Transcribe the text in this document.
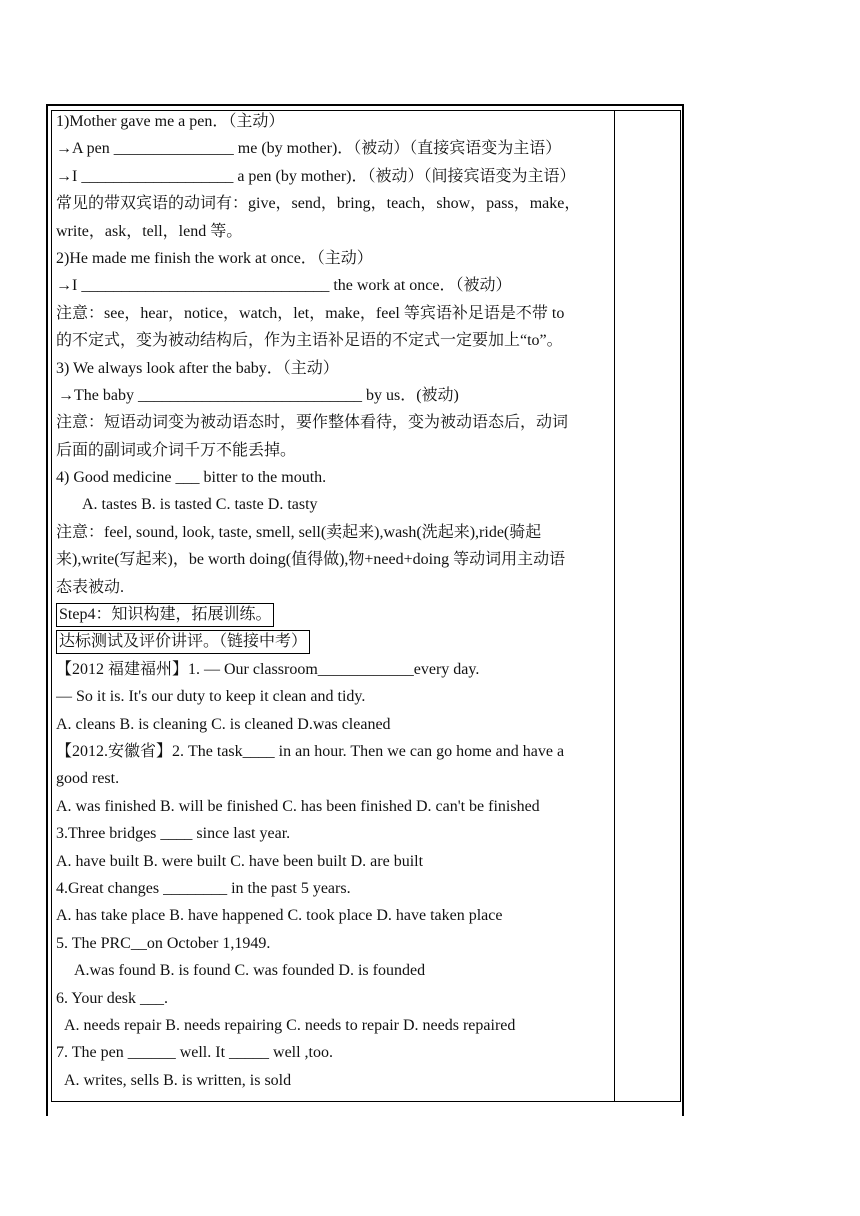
1)Mother gave me a pen．（主动）
→A pen _______________ me (by mother)．（被动）（直接宾语变为主语）
→I ___________________ a pen (by mother)．（被动）（间接宾语变为主语）
常见的带双宾语的动词有：give，send，bring，teach，show，pass，make，
write，ask，tell，lend 等。
2)He made me finish the work at once．（主动）
→I _______________________________ the work at once．（被动）
注意：see，hear，notice，watch，let，make，feel 等宾语补足语是不带 to
的不定式，变为被动结构后，作为主语补足语的不定式一定要加上“to”。
3) We always look after the baby．（主动）
→The baby ____________________________ by us．(被动)
注意：短语动词变为被动语态时，要作整体看待，变为被动语态后，动词
后面的副词或介词千万不能丢掉。
4) Good medicine ___ bitter to the mouth.
A. tastes B. is tasted C. taste D. tasty
注意：feel, sound, look, taste, smell, sell(卖起来),wash(洗起来),ride(骑起
来),write(写起来)，be worth doing(值得做),物+need+doing 等动词用主动语
态表被动.
Step4：知识构建，拓展训练。
达标测试及评价讲评。（链接中考）
【2012 福建福州】1. — Our classroom____________every day.
— So it is. It's our duty to keep it clean and tidy.
A. cleans B. is cleaning C. is cleaned D.was cleaned
【2012.安徽省】2. The task____ in an hour. Then we can go home and have a
good rest.
A. was finished B. will be finished C. has been finished D. can't be finished
3.Three bridges ____ since last year.
A. have built B. were built C. have been built D. are built
4.Great changes ________ in the past 5 years.
A. has take place B. have happened C. took place D. have taken place
5. The PRC__on October 1,1949.
A.was found B. is found C. was founded D. is founded
6. Your desk ___.
A. needs repair B. needs repairing C. needs to repair D. needs repaired
7. The pen ______ well. It _____ well ,too.
A. writes, sells B. is written, is sold
